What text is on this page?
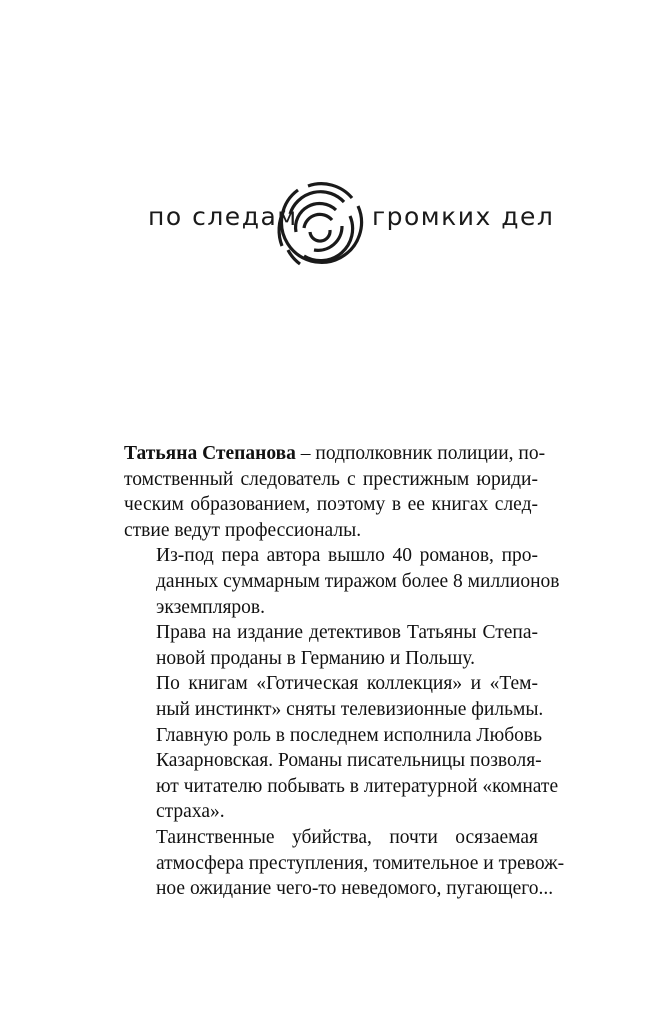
по следам	громких дел

Татьяна Степанова – подполковник полиции, по-
томственный следователь с престижным юриди-
ческим образованием, поэтому в ее книгах след-
ствие ведут профессионалы.

Из-под пера автора вышло 40 романов, про-
данных суммарным тиражом более 8 миллионов
экземпляров.

Права на издание детективов Татьяны Степа-
новой проданы в Германию и Польшу.

По книгам «Готическая коллекция» и «Тем-
ный инстинкт» сняты телевизионные фильмы.

Главную роль в последнем исполнила Любовь
Казарновская. Романы писательницы позволя-
ют читателю побывать в литературной «комнате
страха».

Таинственные убийства, почти осязаемая
атмосфера преступления, томительное и тревож-
ное ожидание чего-то неведомого, пугающего...
